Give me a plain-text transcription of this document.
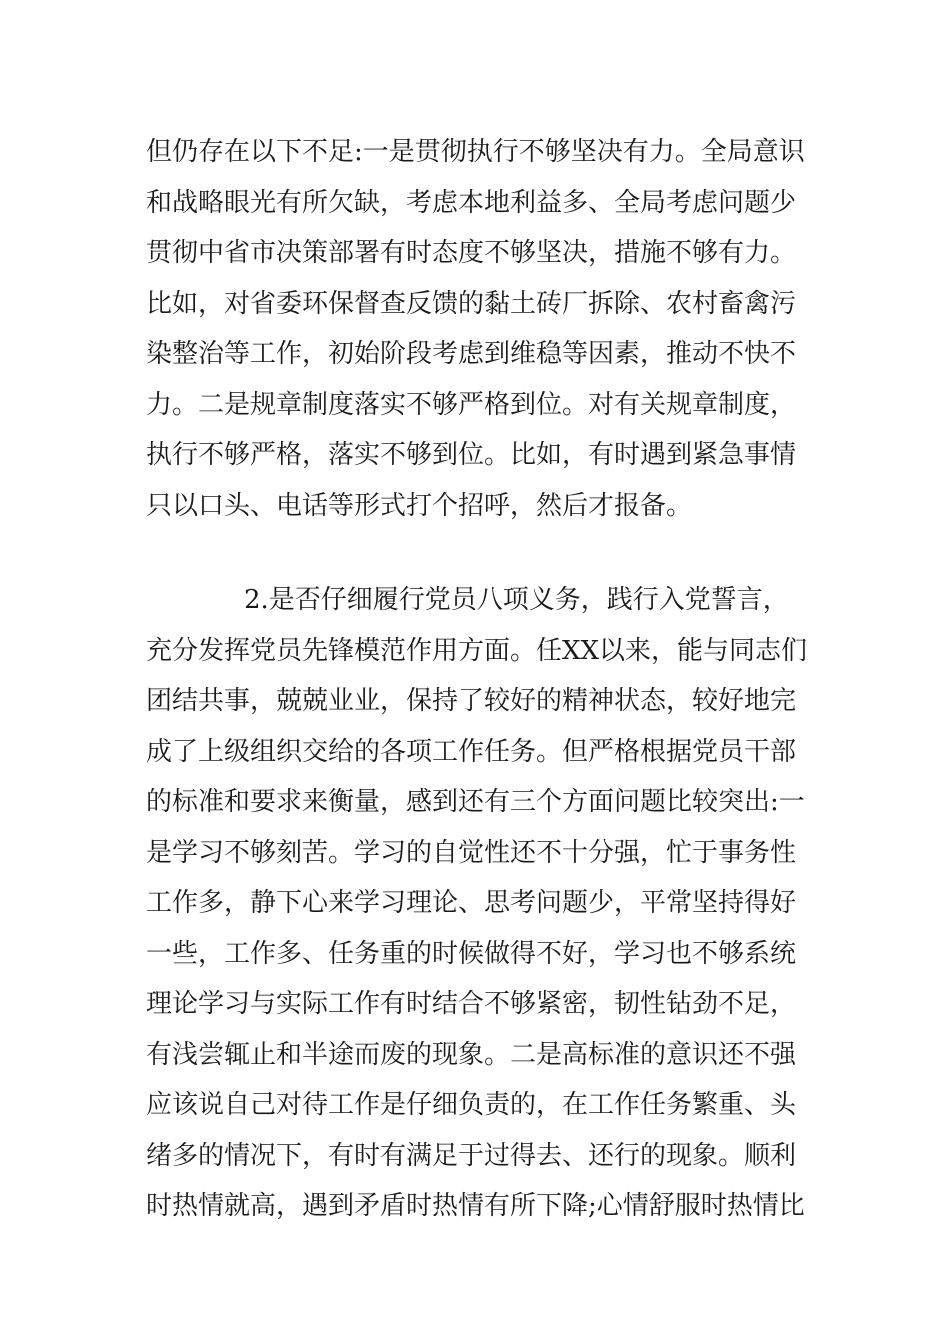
但仍存在以下不足:一是贯彻执行不够坚决有力。全局意识
和战略眼光有所欠缺，考虑本地利益多、全局考虑问题少
贯彻中省市决策部署有时态度不够坚决，措施不够有力。
比如，对省委环保督查反馈的黏土砖厂拆除、农村畜禽污
染整治等工作，初始阶段考虑到维稳等因素，推动不快不
力。二是规章制度落实不够严格到位。对有关规章制度，
执行不够严格，落实不够到位。比如，有时遇到紧急事情
只以口头、电话等形式打个招呼，然后才报备。
2.是否仔细履行党员八项义务，践行入党誓言，
充分发挥党员先锋模范作用方面。任XX以来，能与同志们
团结共事，兢兢业业，保持了较好的精神状态，较好地完
成了上级组织交给的各项工作任务。但严格根据党员干部
的标准和要求来衡量，感到还有三个方面问题比较突出:一
是学习不够刻苦。学习的自觉性还不十分强，忙于事务性
工作多，静下心来学习理论、思考问题少，平常坚持得好
一些，工作多、任务重的时候做得不好，学习也不够系统
理论学习与实际工作有时结合不够紧密，韧性钻劲不足，
有浅尝辄止和半途而废的现象。二是高标准的意识还不强
应该说自己对待工作是仔细负责的，在工作任务繁重、头
绪多的情况下，有时有满足于过得去、还行的现象。顺利
时热情就高，遇到矛盾时热情有所下降;心情舒服时热情比
